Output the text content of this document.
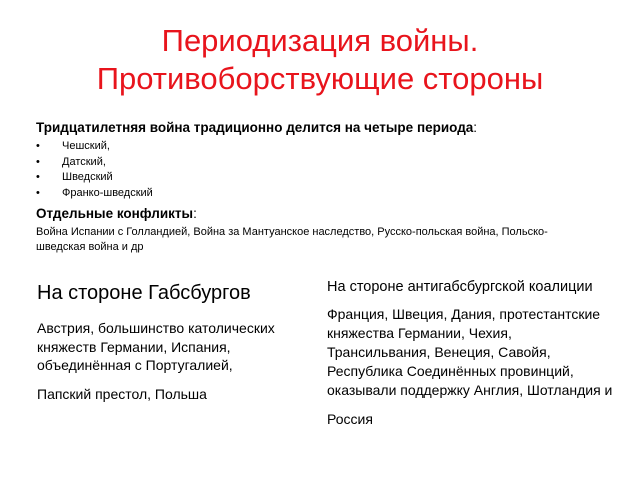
Периодизация войны.
Противоборствующие стороны
Тридцатилетняя война традиционно делится на четыре периода:
• Чешский,
• Датский,
• Шведский
• Франко-шведский
Отдельные конфликты:
Война Испании с Голландией, Война за Мантуанское наследство, Русско-польская война, Польско-шведская война и др
На стороне Габсбургов
Австрия, большинство католических княжеств Германии, Испания, объединённая с Португалией,
Папский престол, Польша
На стороне антигабсбургской коалиции
Франция, Швеция, Дания, протестантские княжества Германии, Чехия, Трансильвания, Венеция, Савойя, Республика Соединённых провинций, оказывали поддержку Англия, Шотландия и
Россия
